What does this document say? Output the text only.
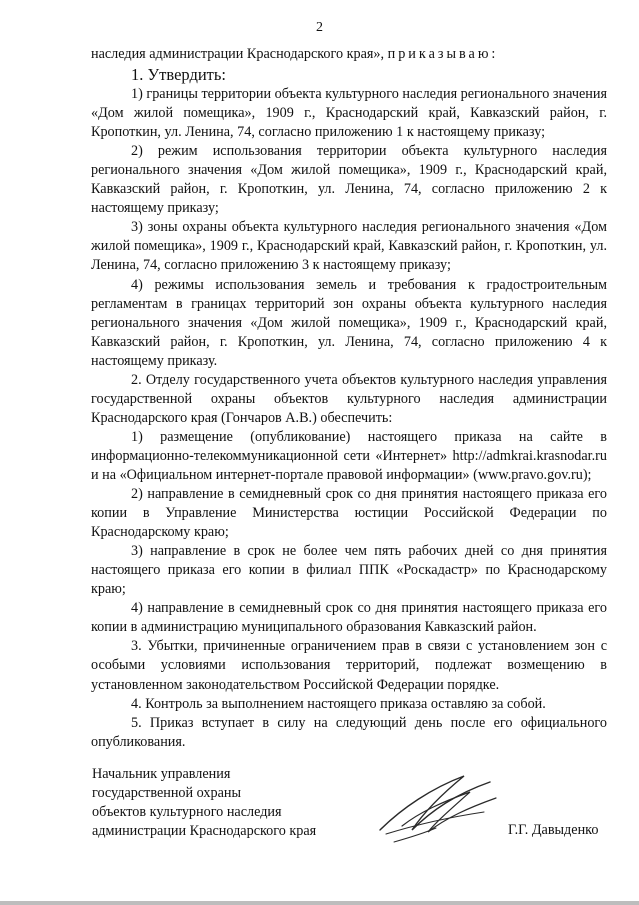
2

наследия администрации Краснодарского края», приказываю:

1. Утвердить:

1) границы территории объекта культурного наследия регионального значения «Дом жилой помещика», 1909 г., Краснодарский край, Кавказский район, г. Кропоткин, ул. Ленина, 74, согласно приложению 1 к настоящему приказу;

2) режим использования территории объекта культурного наследия регионального значения «Дом жилой помещика», 1909 г., Краснодарский край, Кавказский район, г. Кропоткин, ул. Ленина, 74, согласно приложению 2 к настоящему приказу;

3) зоны охраны объекта культурного наследия регионального значения «Дом жилой помещика», 1909 г., Краснодарский край, Кавказский район, г. Кропоткин, ул. Ленина, 74, согласно приложению 3 к настоящему приказу;

4) режимы использования земель и требования к градостроительным регламентам в границах территорий зон охраны объекта культурного наследия регионального значения «Дом жилой помещика», 1909 г., Краснодарский край, Кавказский район, г. Кропоткин, ул. Ленина, 74, согласно приложению 4 к настоящему приказу.

2. Отделу государственного учета объектов культурного наследия управления государственной охраны объектов культурного наследия администрации Краснодарского края (Гончаров А.В.) обеспечить:

1) размещение (опубликование) настоящего приказа на сайте в информационно-телекоммуникационной сети «Интернет» http://admkrai.krasnodar.ru и на «Официальном интернет-портале правовой информации» (www.pravo.gov.ru);

2) направление в семидневный срок со дня принятия настоящего приказа его копии в Управление Министерства юстиции Российской Федерации по Краснодарскому краю;

3) направление в срок не более чем пять рабочих дней со дня принятия настоящего приказа его копии в филиал ППК «Роскадастр» по Краснодарскому краю;

4) направление в семидневный срок со дня принятия настоящего приказа его копии в администрацию муниципального образования Кавказский район.

3. Убытки, причиненные ограничением прав в связи с установлением зон с особыми условиями использования территорий, подлежат возмещению в установленном законодательством Российской Федерации порядке.

4. Контроль за выполнением настоящего приказа оставляю за собой.

5. Приказ вступает в силу на следующий день после его официального опубликования.

Начальник управления
государственной охраны
объектов культурного наследия
администрации Краснодарского края	Г.Г. Давыденко
